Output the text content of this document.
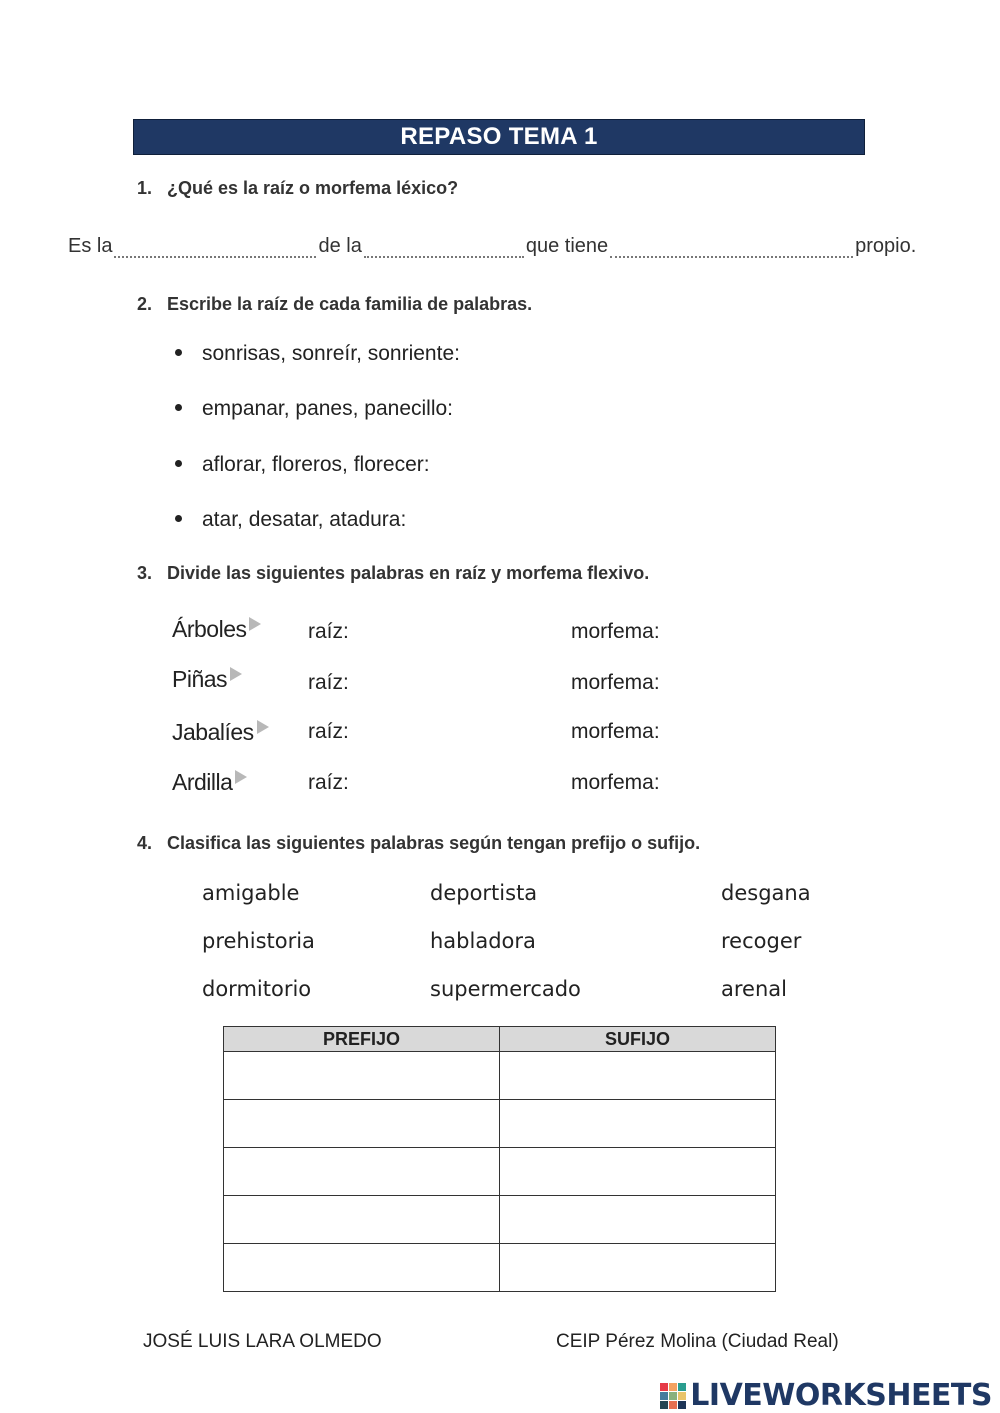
REPASO TEMA 1
1. ¿Qué es la raíz o morfema léxico?
Es la	de la	que tiene	propio.
2. Escribe la raíz de cada familia de palabras.
sonrisas, sonreír, sonriente:
empanar, panes, panecillo:
aflorar, floreros, florecer:
atar, desatar, atadura:
3. Divide las siguientes palabras en raíz y morfema flexivo.
Árboles	raíz:	morfema:
Piñas	raíz:	morfema:
Jabalíes	raíz:	morfema:
Ardilla	raíz:	morfema:
4. Clasifica las siguientes palabras según tengan prefijo o sufijo.
amigable	deportista	desgana
prehistoria	habladora	recoger
dormitorio	supermercado	arenal
PREFIJO	SUFIJO

JOSÉ LUIS LARA OLMEDO	CEIP Pérez Molina (Ciudad Real)
LIVEWORKSHEETS
